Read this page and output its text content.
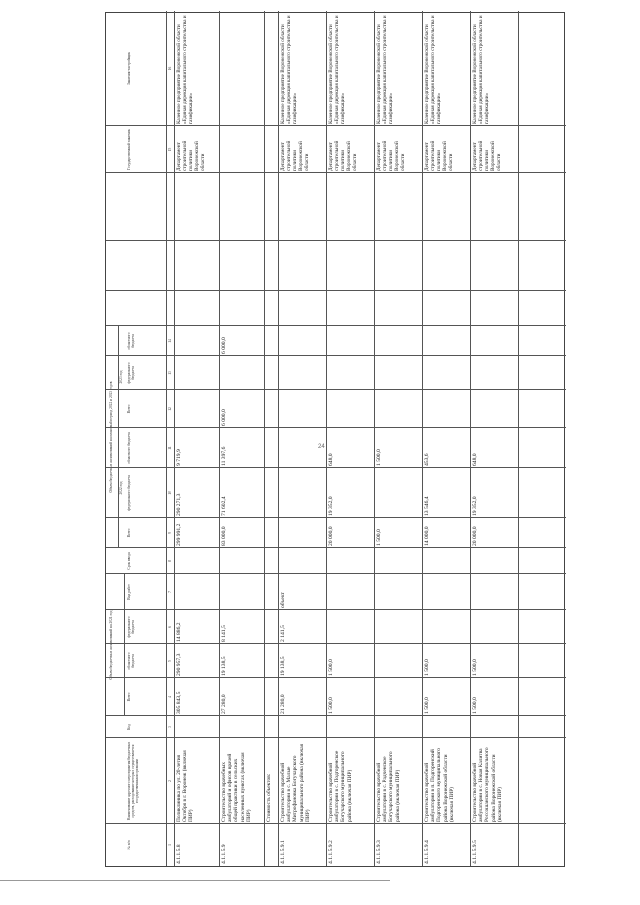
№ п/п
Наименование адресного мероприятия/бюджетных средств, расходование которых осуществляется государственными органами
Код
Всего
областного бюджета
федерального бюджета
Вид работ
Срок ввода
Всего
федерального бюджета
областного бюджета
Всего
федерального бюджета
областного бюджета
Государственный заказчик
Заказчик-застройщик
Объем бюджетных ассигнований на 2021 год
Объем бюджетных ассигнований на плановый период 2022 и 2023 годов	2022 год
2023 год
1
2
3
4
5
6
7
8
9
10
11
12
13
14
15
16
4.1.1.5.8
Поликлиника по ул. 20-летия Октября в г. Воронеж (включая ПИР)
305 843,5
290 957,3
14 886,2
299 991,2
290 271,3
9 719,9
Департамент строительной политики Воронежской области
Казенное предприятие Воронежской области «Единая дирекция капитального строительства и газификации»
4.1.1.5.9
Строительство врачебных амбулаторий и офисов врачей общей практики в сельских населенных пунктах (включая ПИР)
27 280,0
19 138,5
8 141,5
83 000,0
71 602,4
11 397,6
6 000,0
6 000,0
Стоимость объектов:
4.1.1.5.9.1
Строительство врачебной амбулатории в с. Малые Митрофановка Богучарского муниципального района (включая ПИР)
21 280,0
19 138,5
2 141,5
объект
Департамент строительной политики Воронежской области
Казенное предприятие Воронежской области «Единая дирекция капитального строительства и газификации»
4.1.1.5.9.2
Строительство врачебной амбулатории в с. Подгоренское Богучарского муниципального района (включая ПИР)
1 500,0
1 500,0
20 000,0
19 352,0
648,0
Департамент строительной политики Воронежской области
Казенное предприятие Воронежской области «Единая дирекция капитального строительства и газификации»
4.1.1.5.9.3
Строительство врачебной амбулатории в с. Радченское Богучарского муниципального района (включая ПИР)
1 500,0
1 500,0
Департамент строительной политики Воронежской области
Казенное предприятие Воронежской области «Единая дирекция капитального строительства и газификации»
4.1.1.5.9.4
Строительство врачебной амбулатории в п. Подгоренский Подгоренского муниципального района Воронежской области (включая ПИР)
1 500,0
1 500,0
14 000,0
13 546,4
453,6
Департамент строительной политики Воронежской области
Казенное предприятие Воронежской области «Единая дирекция капитального строительства и газификации»
4.1.1.5.9.5
Строительство врачебной амбулатории в с. Новая Калитва Россошанского муниципального района Воронежской области (включая ПИР)
1 500,0
1 500,0
20 000,0
19 352,0
648,0
Департамент строительной политики Воронежской области
Казенное предприятие Воронежской области «Единая дирекция капитального строительства и газификации»
24
